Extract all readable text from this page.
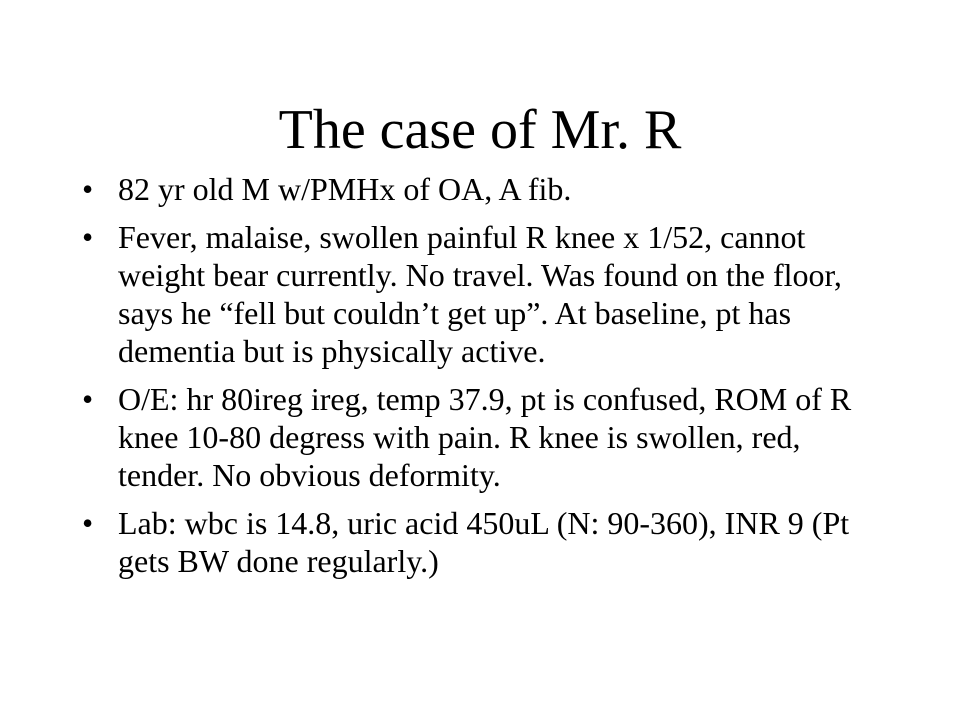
The case of Mr. R
• 82 yr old M w/PMHx of OA, A fib.
• Fever, malaise, swollen painful R knee x 1/52, cannot weight bear currently. No travel. Was found on the floor, says he “fell but couldn’t get up”. At baseline, pt has dementia but is physically active.
• O/E: hr 80ireg ireg, temp 37.9, pt is confused, ROM of R knee 10-80 degress with pain. R knee is swollen, red, tender. No obvious deformity.
• Lab: wbc is 14.8, uric acid 450uL (N: 90-360), INR 9 (Pt gets BW done regularly.)
